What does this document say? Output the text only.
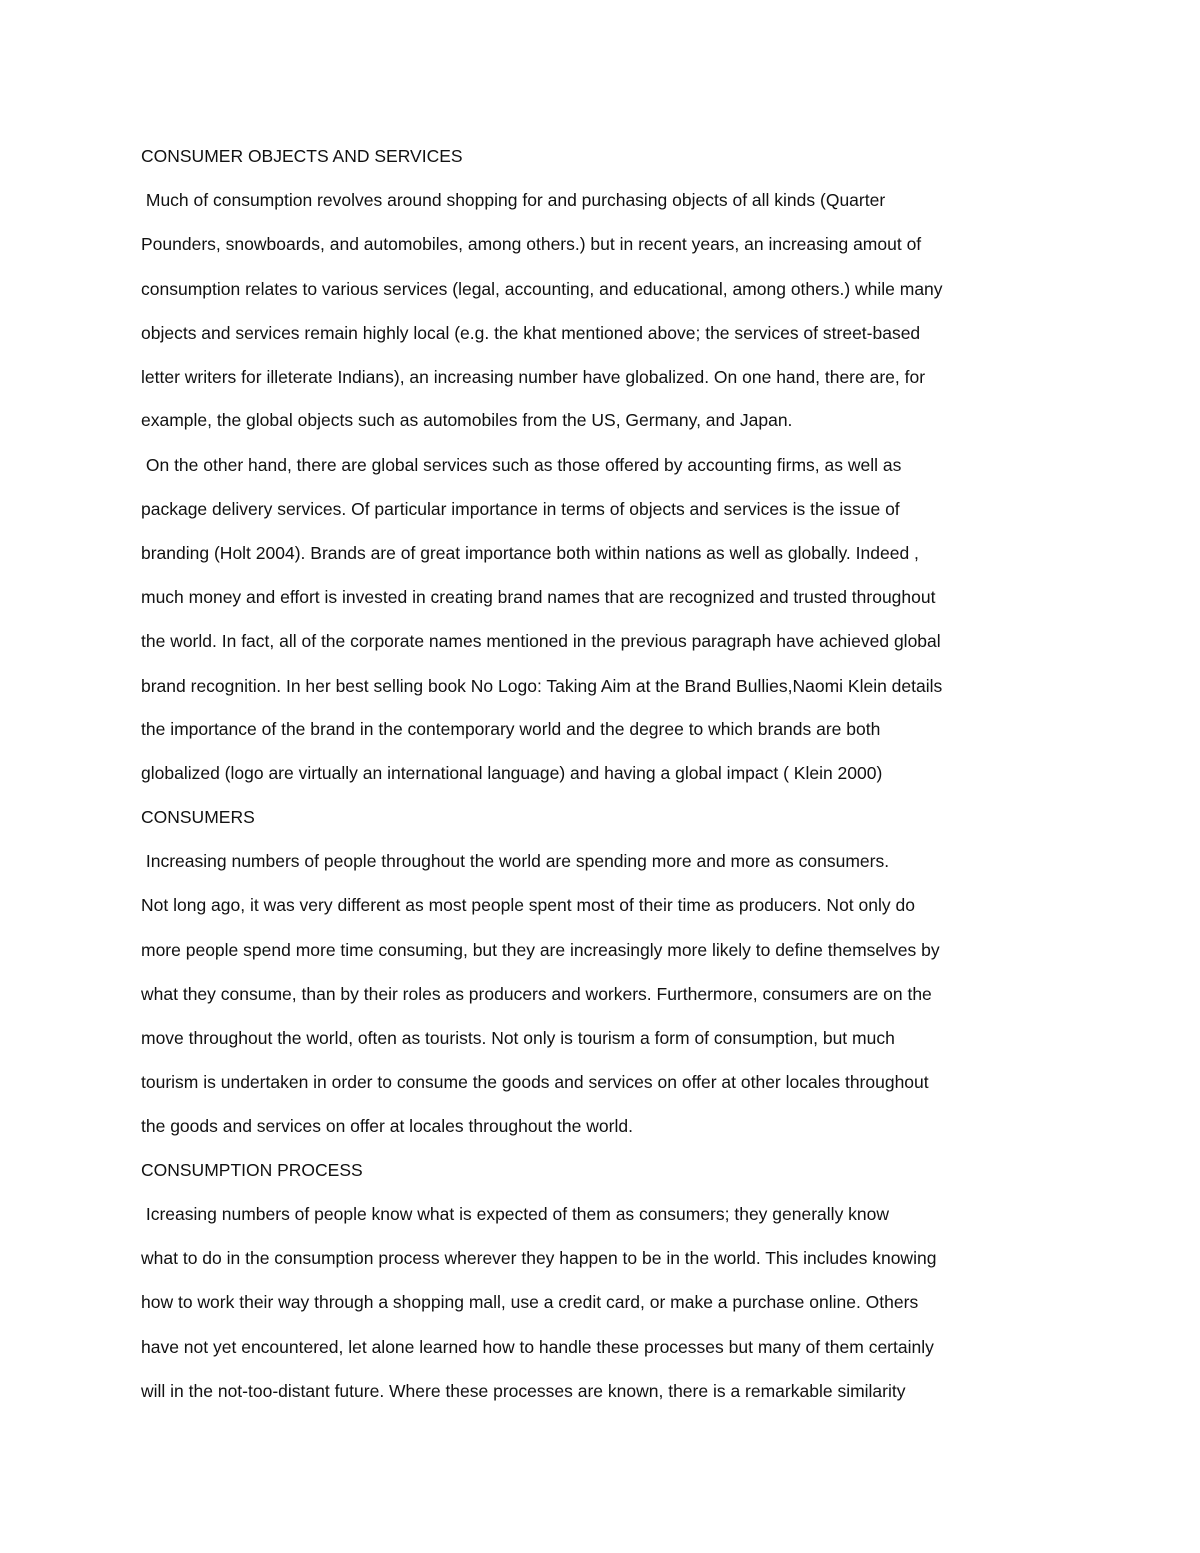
CONSUMER OBJECTS AND SERVICES
Much of consumption revolves around shopping for and purchasing objects of all kinds (Quarter
Pounders, snowboards, and automobiles, among others.) but in recent years, an increasing amout of
consumption relates to various services (legal, accounting, and educational, among others.) while many
objects and services remain highly local (e.g. the khat mentioned above; the services of street-based
letter writers for illeterate Indians), an increasing number have globalized. On one hand, there are, for
example, the global objects such as automobiles from the US, Germany, and Japan.
On the other hand, there are global services such as those offered by accounting firms, as well as
package delivery services. Of particular importance in terms of objects and services is the issue of
branding (Holt 2004). Brands are of great importance both within nations as well as globally. Indeed ,
much money and effort is invested in creating brand names that are recognized and trusted throughout
the world. In fact, all of the corporate names mentioned in the previous paragraph have achieved global
brand recognition. In her best selling book No Logo: Taking Aim at the Brand Bullies,Naomi Klein details
the importance of the brand in the contemporary world and the degree to which brands are both
globalized (logo are virtually an international language) and having a global impact ( Klein 2000)
CONSUMERS
Increasing numbers of people throughout the world are spending more and more as consumers.
Not long ago, it was very different as most people spent most of their time as producers. Not only do
more people spend more time consuming, but they are increasingly more likely to define themselves by
what they consume, than by their roles as producers and workers. Furthermore, consumers are on the
move throughout the world, often as tourists. Not only is tourism a form of consumption, but much
tourism is undertaken in order to consume the goods and services on offer at other locales throughout
the goods and services on offer at locales throughout the world.
CONSUMPTION PROCESS
Icreasing numbers of people know what is expected of them as consumers; they generally know
what to do in the consumption process wherever they happen to be in the world. This includes knowing
how to work their way through a shopping mall, use a credit card, or make a purchase online. Others
have not yet encountered, let alone learned how to handle these processes but many of them certainly
will in the not-too-distant future. Where these processes are known, there is a remarkable similarity
